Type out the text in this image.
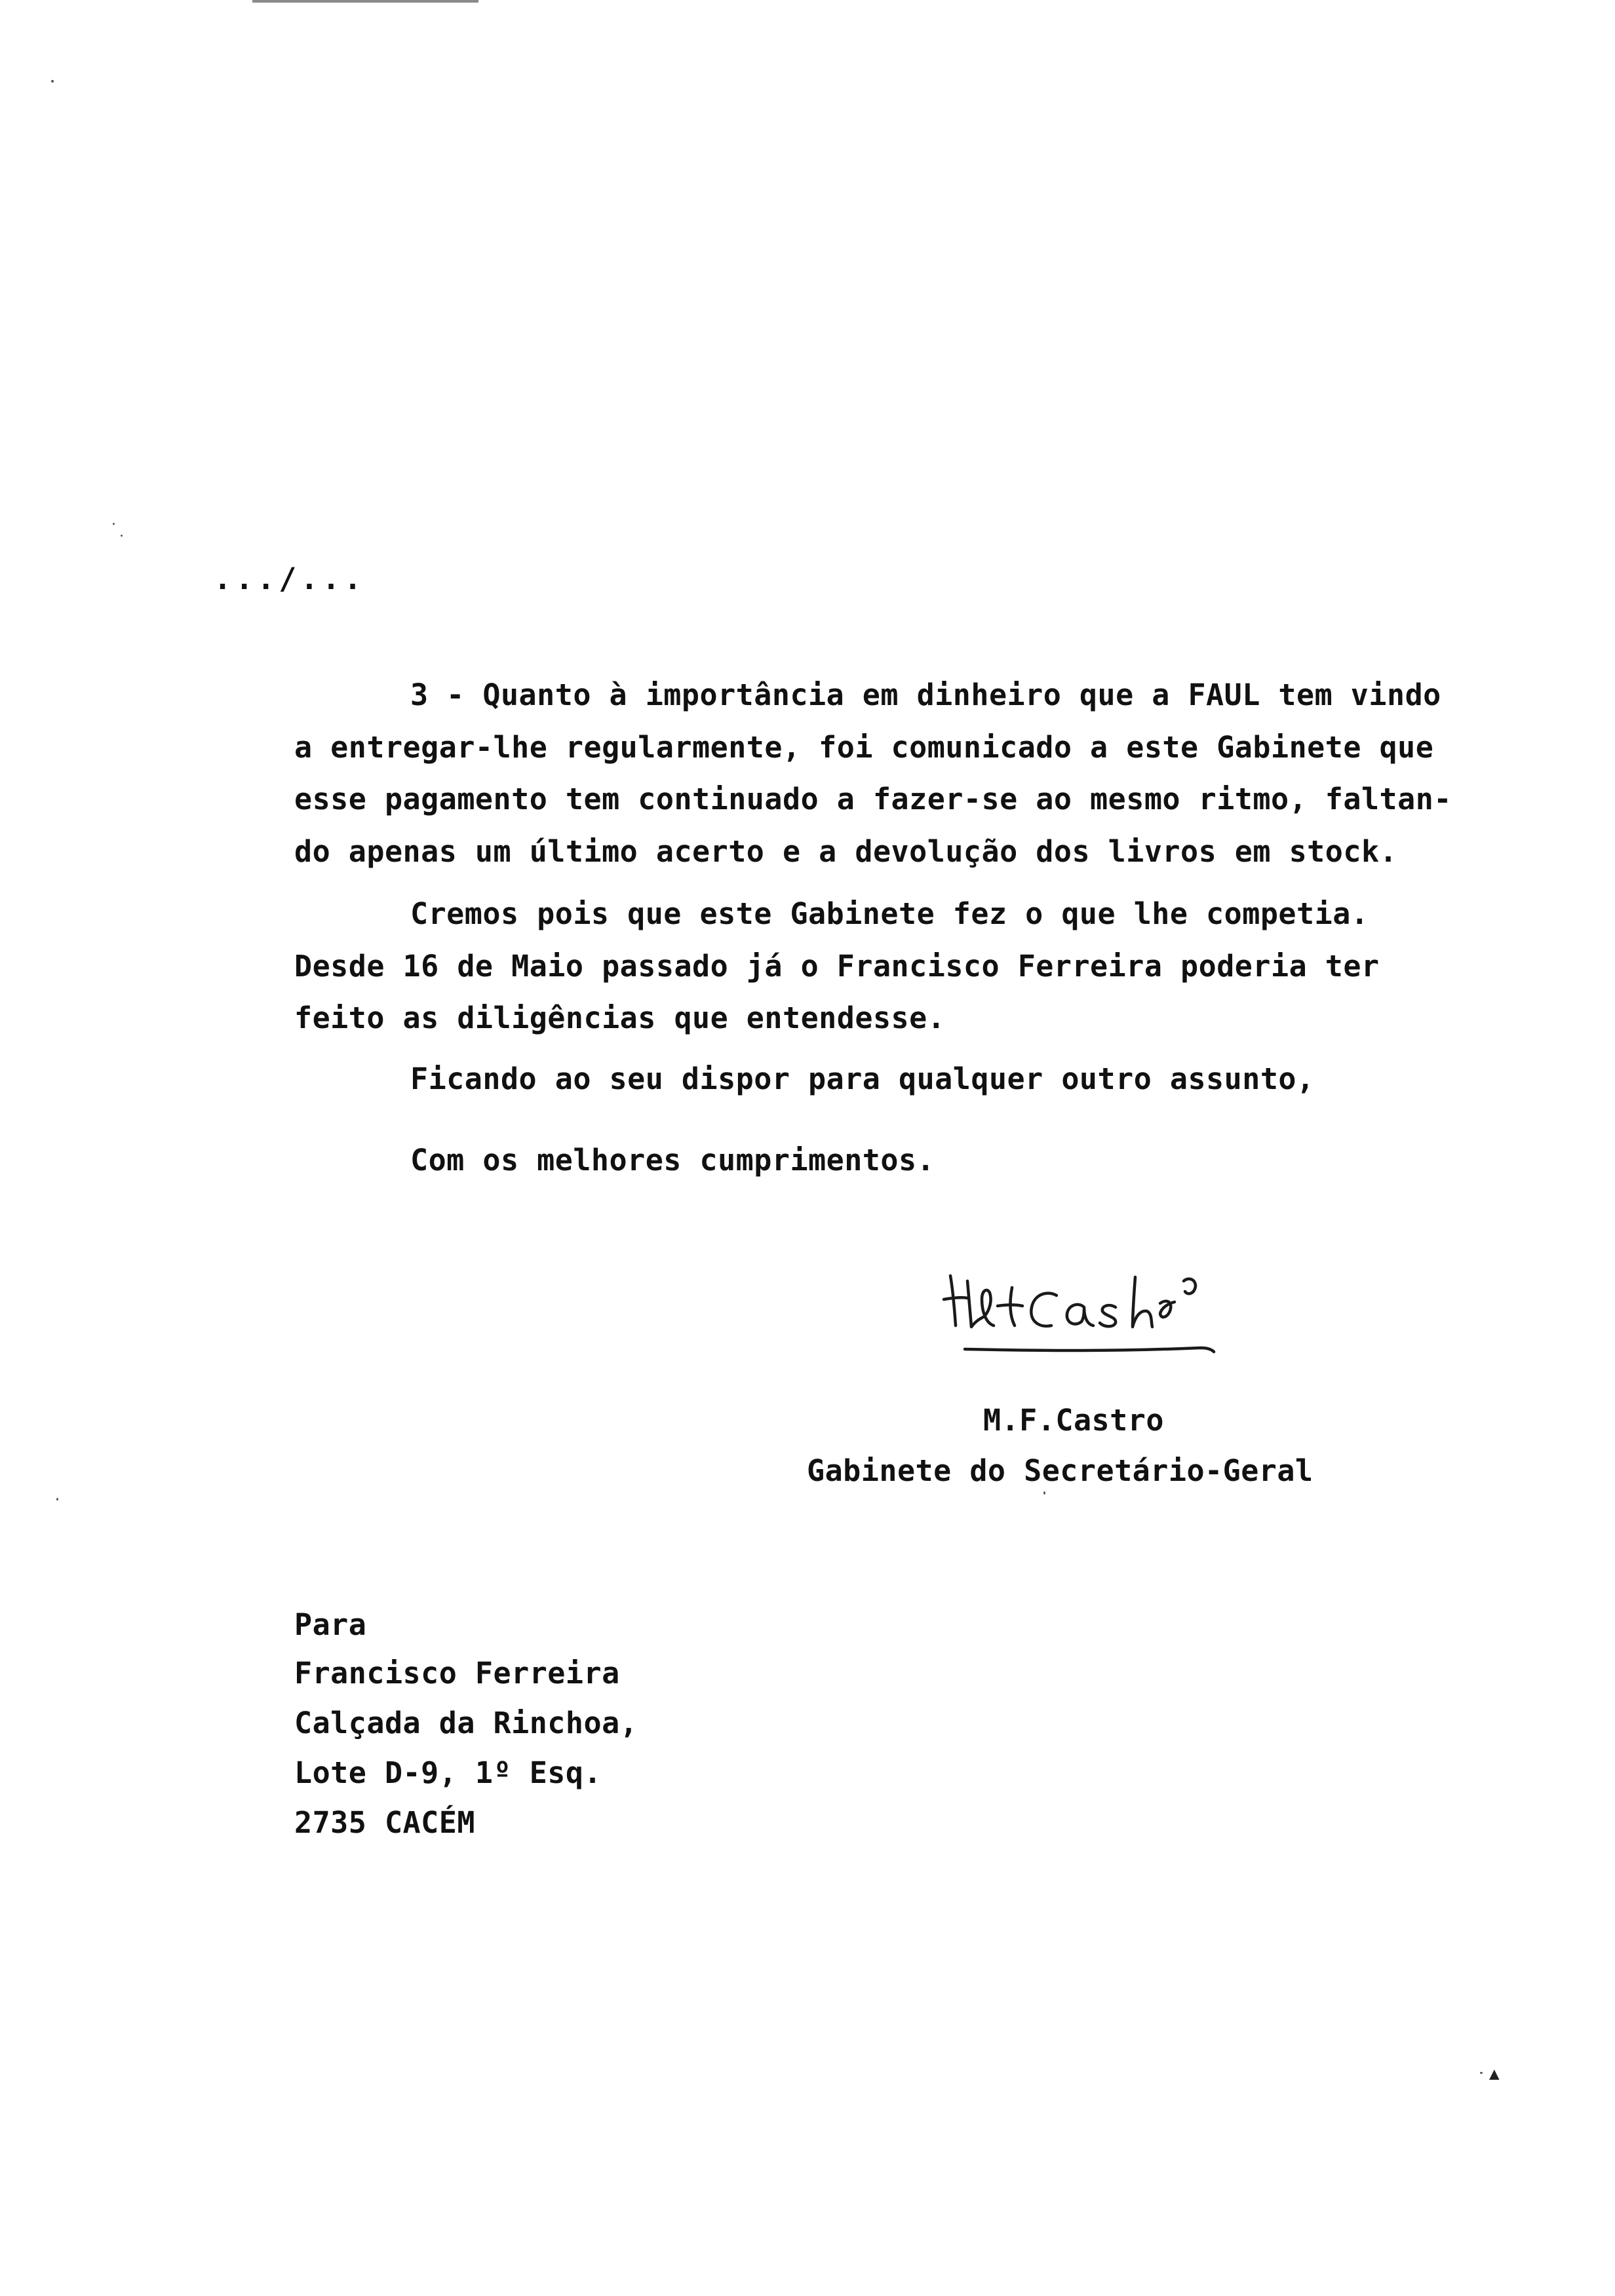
.../...
3 - Quanto à importância em dinheiro que a FAUL tem vindo
a entregar-lhe regularmente, foi comunicado a este Gabinete que
esse pagamento tem continuado a fazer-se ao mesmo ritmo, faltan-
do apenas um último acerto e a devolução dos livros em stock.
Cremos pois que este Gabinete fez o que lhe competia.
Desde 16 de Maio passado já o Francisco Ferreira poderia ter
feito as diligências que entendesse.
Ficando ao seu dispor para qualquer outro assunto,
Com os melhores cumprimentos.
M.F.Castro
Gabinete do Secretário-Geral
Para
Francisco Ferreira
Calçada da Rinchoa,
Lote D-9, 1º Esq.
2735 CACÉM
▲
